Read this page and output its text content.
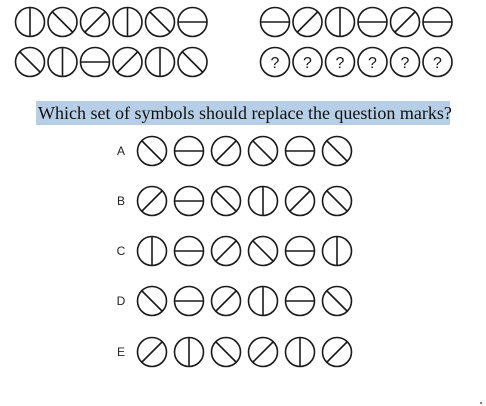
? ? ? ? ? ?
Which set of symbols should replace the question marks?
A
B
C
D
E
